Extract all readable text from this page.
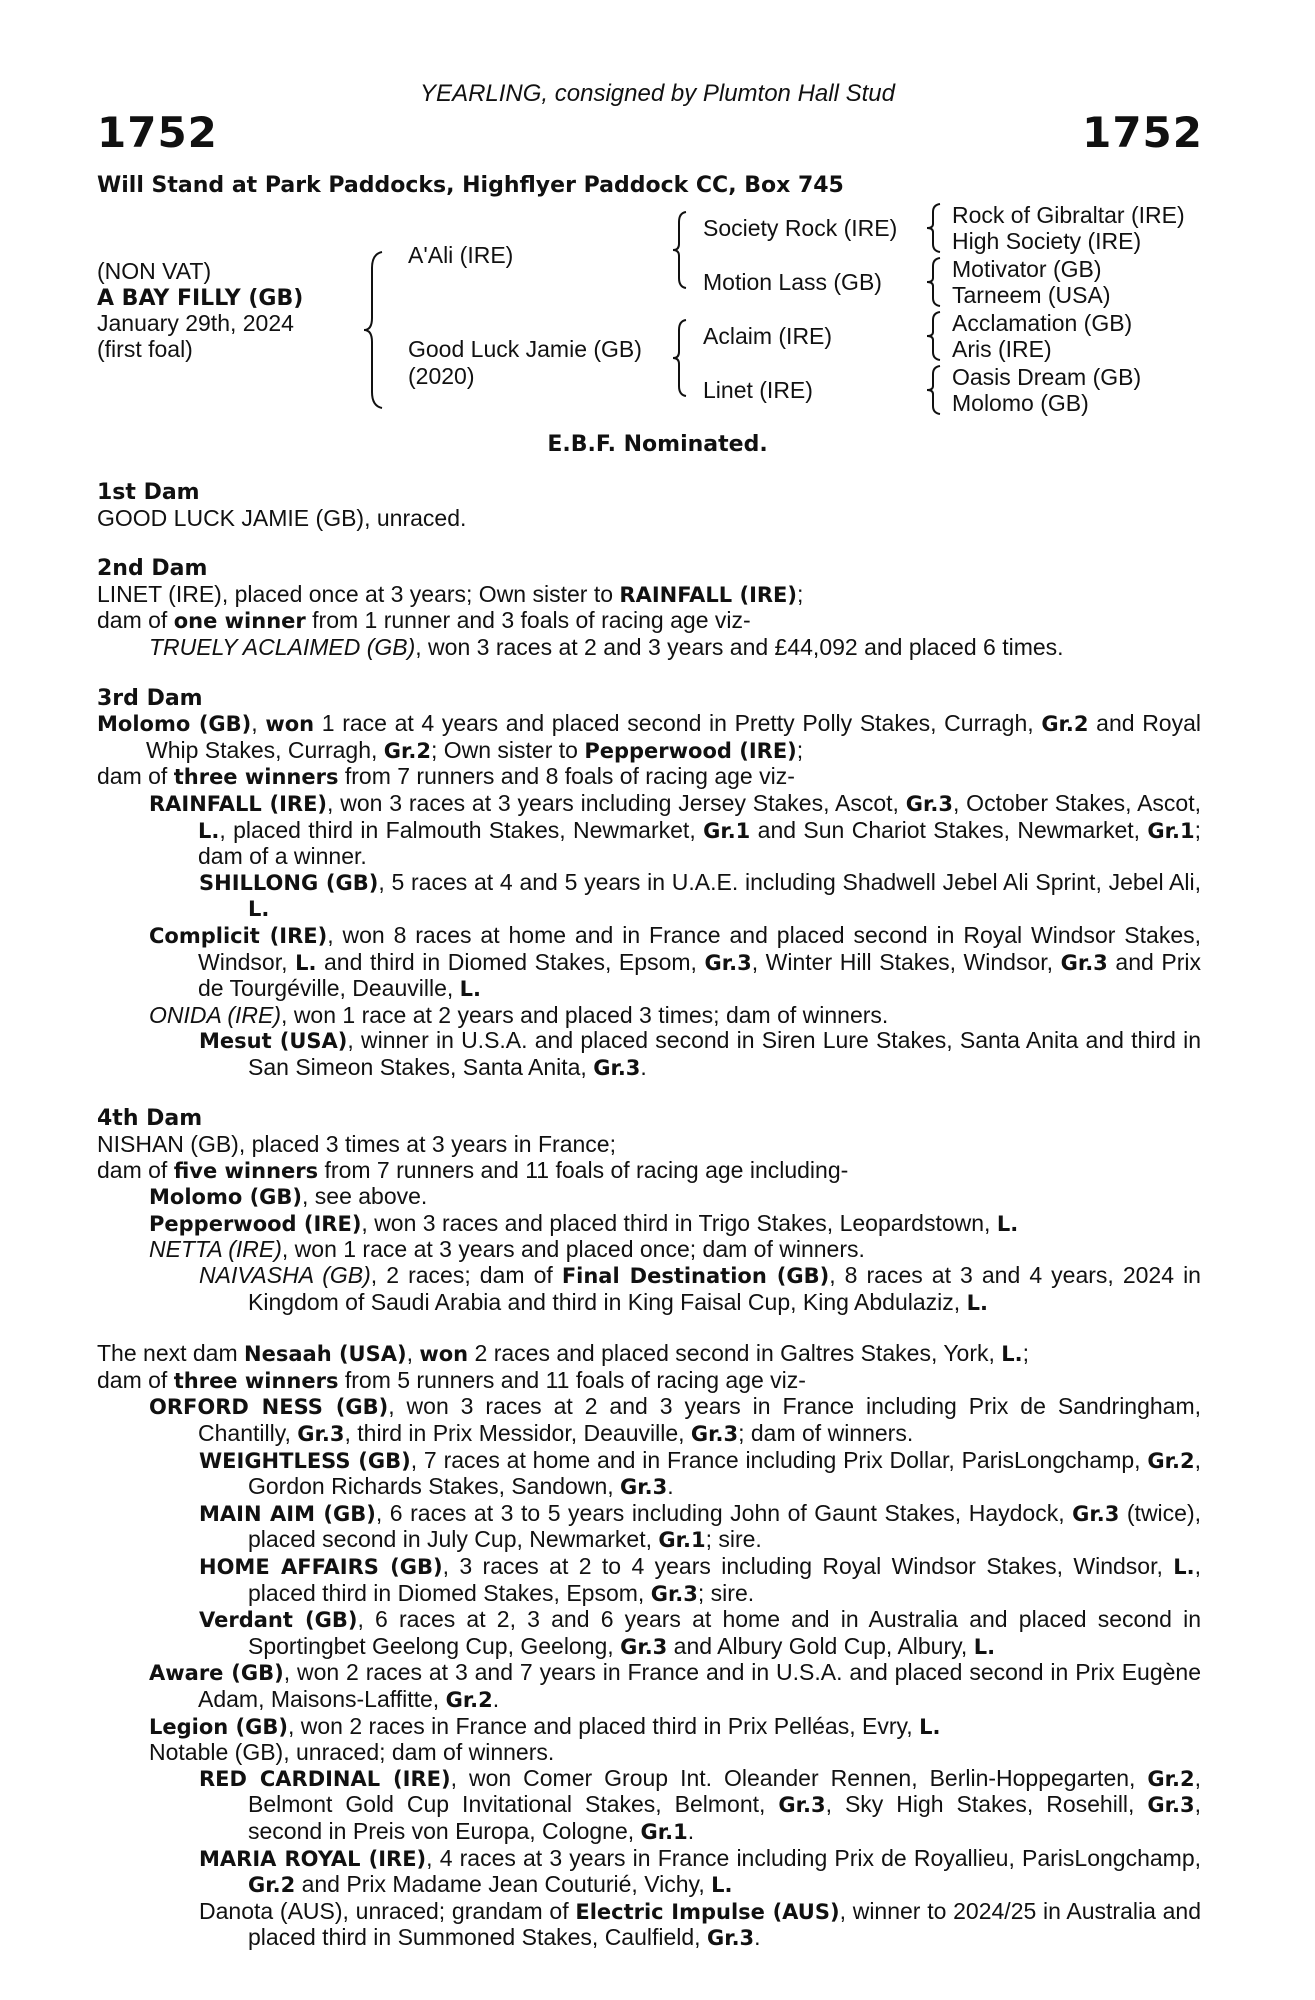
YEARLING, consigned by Plumton Hall Stud
1752	1752
Will Stand at Park Paddocks, Highflyer Paddock CC, Box 745
(NON VAT)
A BAY FILLY (GB)
January 29th, 2024
(first foal)
A'Ali (IRE)
Good Luck Jamie (GB)
(2020)
Society Rock (IRE)
Motion Lass (GB)
Aclaim (IRE)
Linet (IRE)
Rock of Gibraltar (IRE)
High Society (IRE)
Motivator (GB)
Tarneem (USA)
Acclamation (GB)
Aris (IRE)
Oasis Dream (GB)
Molomo (GB)
E.B.F. Nominated.

1st Dam

GOOD LUCK JAMIE (GB), unraced.

2nd Dam

LINET (IRE), placed once at 3 years; Own sister to RAINFALL (IRE);

dam of one winner from 1 runner and 3 foals of racing age viz-

TRUELY ACLAIMED (GB), won 3 races at 2 and 3 years and £44,092 and placed 6 times.

3rd Dam

Molomo (GB), won 1 race at 4 years and placed second in Pretty Polly Stakes, Curragh, Gr.2 and Royal Whip Stakes, Curragh, Gr.2; Own sister to Pepperwood (IRE);

dam of three winners from 7 runners and 8 foals of racing age viz-

RAINFALL (IRE), won 3 races at 3 years including Jersey Stakes, Ascot, Gr.3, October Stakes, Ascot, L., placed third in Falmouth Stakes, Newmarket, Gr.1 and Sun Chariot Stakes, Newmarket, Gr.1; dam of a winner.

SHILLONG (GB), 5 races at 4 and 5 years in U.A.E. including Shadwell Jebel Ali Sprint, Jebel Ali, L.

Complicit (IRE), won 8 races at home and in France and placed second in Royal Windsor Stakes, Windsor, L. and third in Diomed Stakes, Epsom, Gr.3, Winter Hill Stakes, Windsor, Gr.3 and Prix de Tourgéville, Deauville, L.

ONIDA (IRE), won 1 race at 2 years and placed 3 times; dam of winners.

Mesut (USA), winner in U.S.A. and placed second in Siren Lure Stakes, Santa Anita and third in San Simeon Stakes, Santa Anita, Gr.3.

4th Dam

NISHAN (GB), placed 3 times at 3 years in France;

dam of five winners from 7 runners and 11 foals of racing age including-

Molomo (GB), see above.

Pepperwood (IRE), won 3 races and placed third in Trigo Stakes, Leopardstown, L.

NETTA (IRE), won 1 race at 3 years and placed once; dam of winners.

NAIVASHA (GB), 2 races; dam of Final Destination (GB), 8 races at 3 and 4 years, 2024 in Kingdom of Saudi Arabia and third in King Faisal Cup, King Abdulaziz, L.

The next dam Nesaah (USA), won 2 races and placed second in Galtres Stakes, York, L.;

dam of three winners from 5 runners and 11 foals of racing age viz-

ORFORD NESS (GB), won 3 races at 2 and 3 years in France including Prix de Sandringham, Chantilly, Gr.3, third in Prix Messidor, Deauville, Gr.3; dam of winners.

WEIGHTLESS (GB), 7 races at home and in France including Prix Dollar, ParisLongchamp, Gr.2, Gordon Richards Stakes, Sandown, Gr.3.

MAIN AIM (GB), 6 races at 3 to 5 years including John of Gaunt Stakes, Haydock, Gr.3 (twice), placed second in July Cup, Newmarket, Gr.1; sire.

HOME AFFAIRS (GB), 3 races at 2 to 4 years including Royal Windsor Stakes, Windsor, L., placed third in Diomed Stakes, Epsom, Gr.3; sire.

Verdant (GB), 6 races at 2, 3 and 6 years at home and in Australia and placed second in Sportingbet Geelong Cup, Geelong, Gr.3 and Albury Gold Cup, Albury, L.

Aware (GB), won 2 races at 3 and 7 years in France and in U.S.A. and placed second in Prix Eugène Adam, Maisons-Laffitte, Gr.2.

Legion (GB), won 2 races in France and placed third in Prix Pelléas, Evry, L.

Notable (GB), unraced; dam of winners.

RED CARDINAL (IRE), won Comer Group Int. Oleander Rennen, Berlin-Hoppegarten, Gr.2, Belmont Gold Cup Invitational Stakes, Belmont, Gr.3, Sky High Stakes, Rosehill, Gr.3, second in Preis von Europa, Cologne, Gr.1.

MARIA ROYAL (IRE), 4 races at 3 years in France including Prix de Royallieu, ParisLongchamp, Gr.2 and Prix Madame Jean Couturié, Vichy, L.

Danota (AUS), unraced; grandam of Electric Impulse (AUS), winner to 2024/25 in Australia and placed third in Summoned Stakes, Caulfield, Gr.3.
